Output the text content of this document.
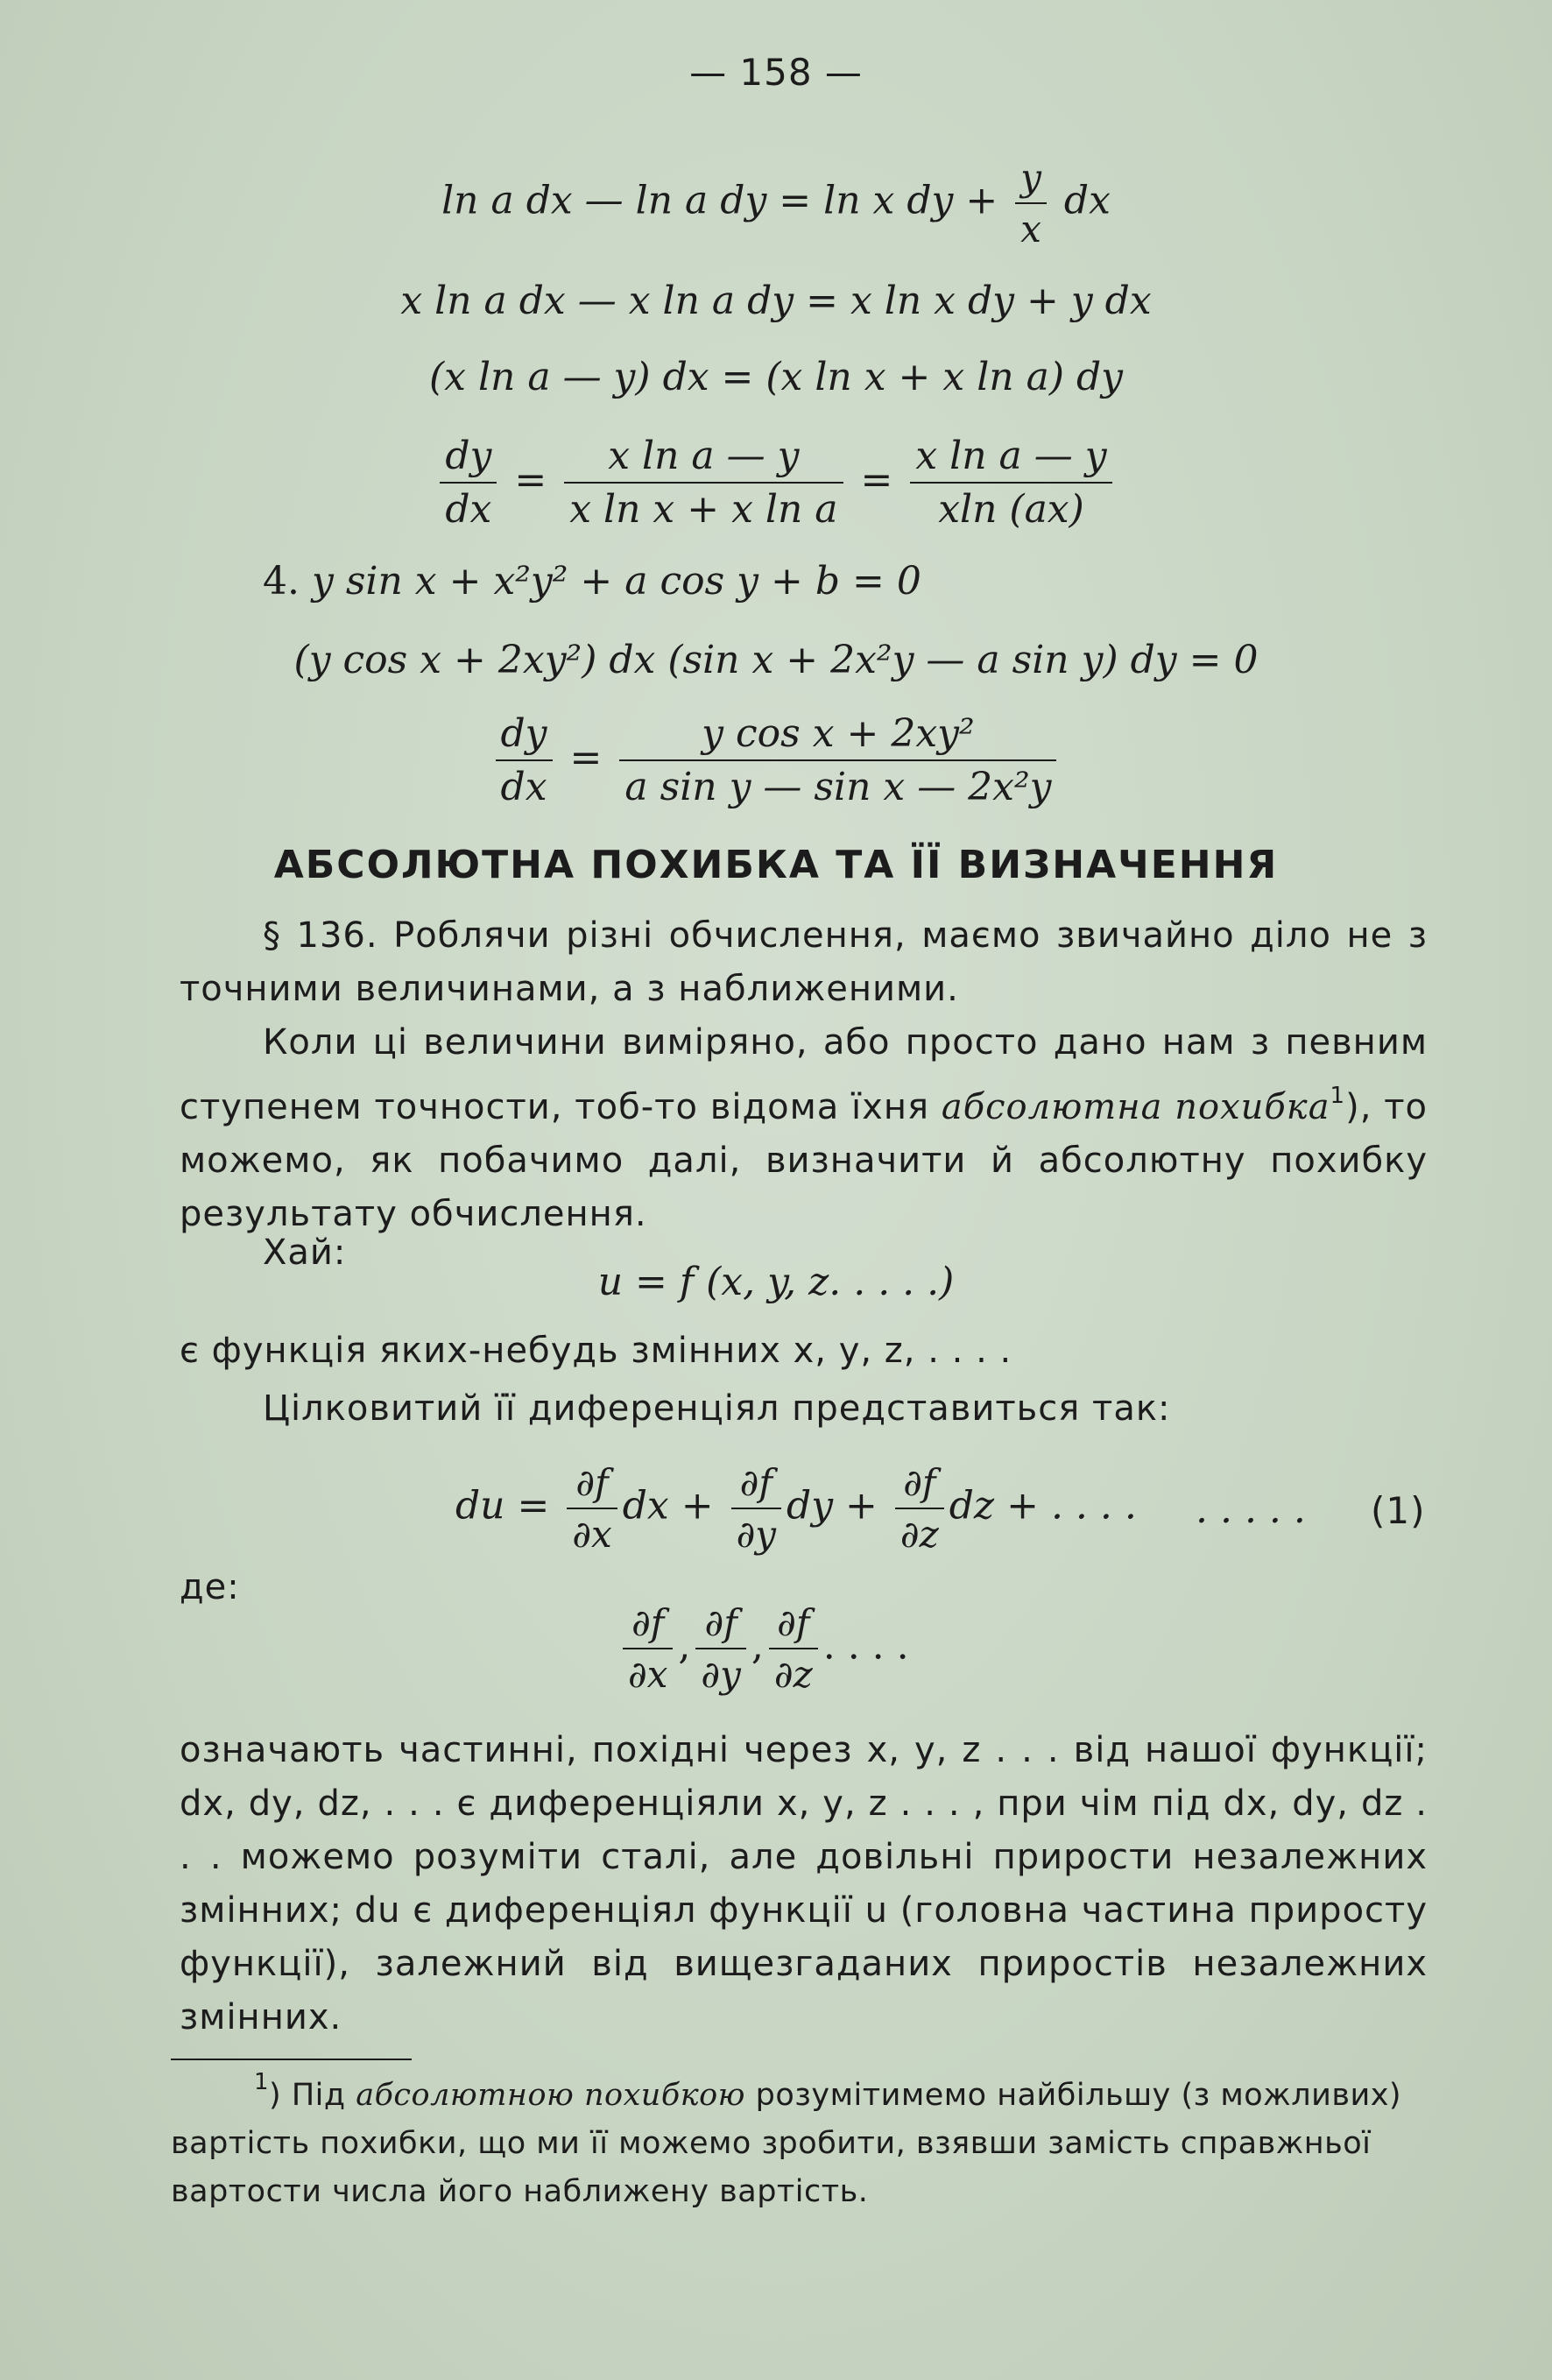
— 158 —
ln a dx — ln a dy = ln x dy + $\frac{y}{x}$ dx
x ln a dx — x ln a dy = x ln x dy + y dx
(x ln a — y) dx = (x ln x + x ln a) dy
$\frac{dy}{dx} = \frac{\text{x ln a — y}}{\text{x ln x + x ln a}} = \frac{\text{x ln a — y}}{xln (ax)}$
4. y sin x + x²y² + a cos y + b = 0
(y cos x + 2xy²) dx (sin x + 2x²y — a sin y) dy = 0
$\frac{dy}{dx} = \frac{\text{y cos x + 2xy²}}{\text{a sin y — sin x — 2x²y}}$
АБСОЛЮТНА ПОХИБКА ТА ЇЇ ВИЗНАЧЕННЯ
§ 136. Роблячи різні обчислення, маємо звичайно діло не з точними величинами, а з наближеними.
Коли ці величини виміряно, або просто дано нам з певним ступенем точности, тоб-то відома їхня абсолютна похибка$^1$), то можемо, як побачимо далі, визначити й абсолютну похибку результату обчислення.
Хай:
u = f (x, y, z. . . . .)
є функція яких-небудь змінних x, y, z, . . . .
Цілковитий її диференціял представиться так:
du = $\frac{\partial f}{\partial x}$ dx + $\frac{\partial f}{\partial y}$ dy + $\frac{\partial f}{\partial z}$ dz + . . . . . . . . . (1)
де:
$\frac{\partial f}{\partial x}$ , $\frac{\partial f}{\partial y}$ , $\frac{\partial f}{\partial z}$ . . . .
означають частинні, похідні через x, y, z . . . від нашої функції; dx, dy, dz, . . . є диференціяли x, y, z . . . , при чім під dx, dy, dz . . . можемо розуміти сталі, але довільні прирости незалежних змінних; du є диференціял функції u (головна частина приросту функції), залежний від вищезгаданих приростів незалежних змінних.
$^1$) Під абсолютною похибкою розумітимемо найбільшу (з можливих) вартість похибки, що ми її можемо зробити, взявши замість справжньої вартости числа його наближену вартість.
